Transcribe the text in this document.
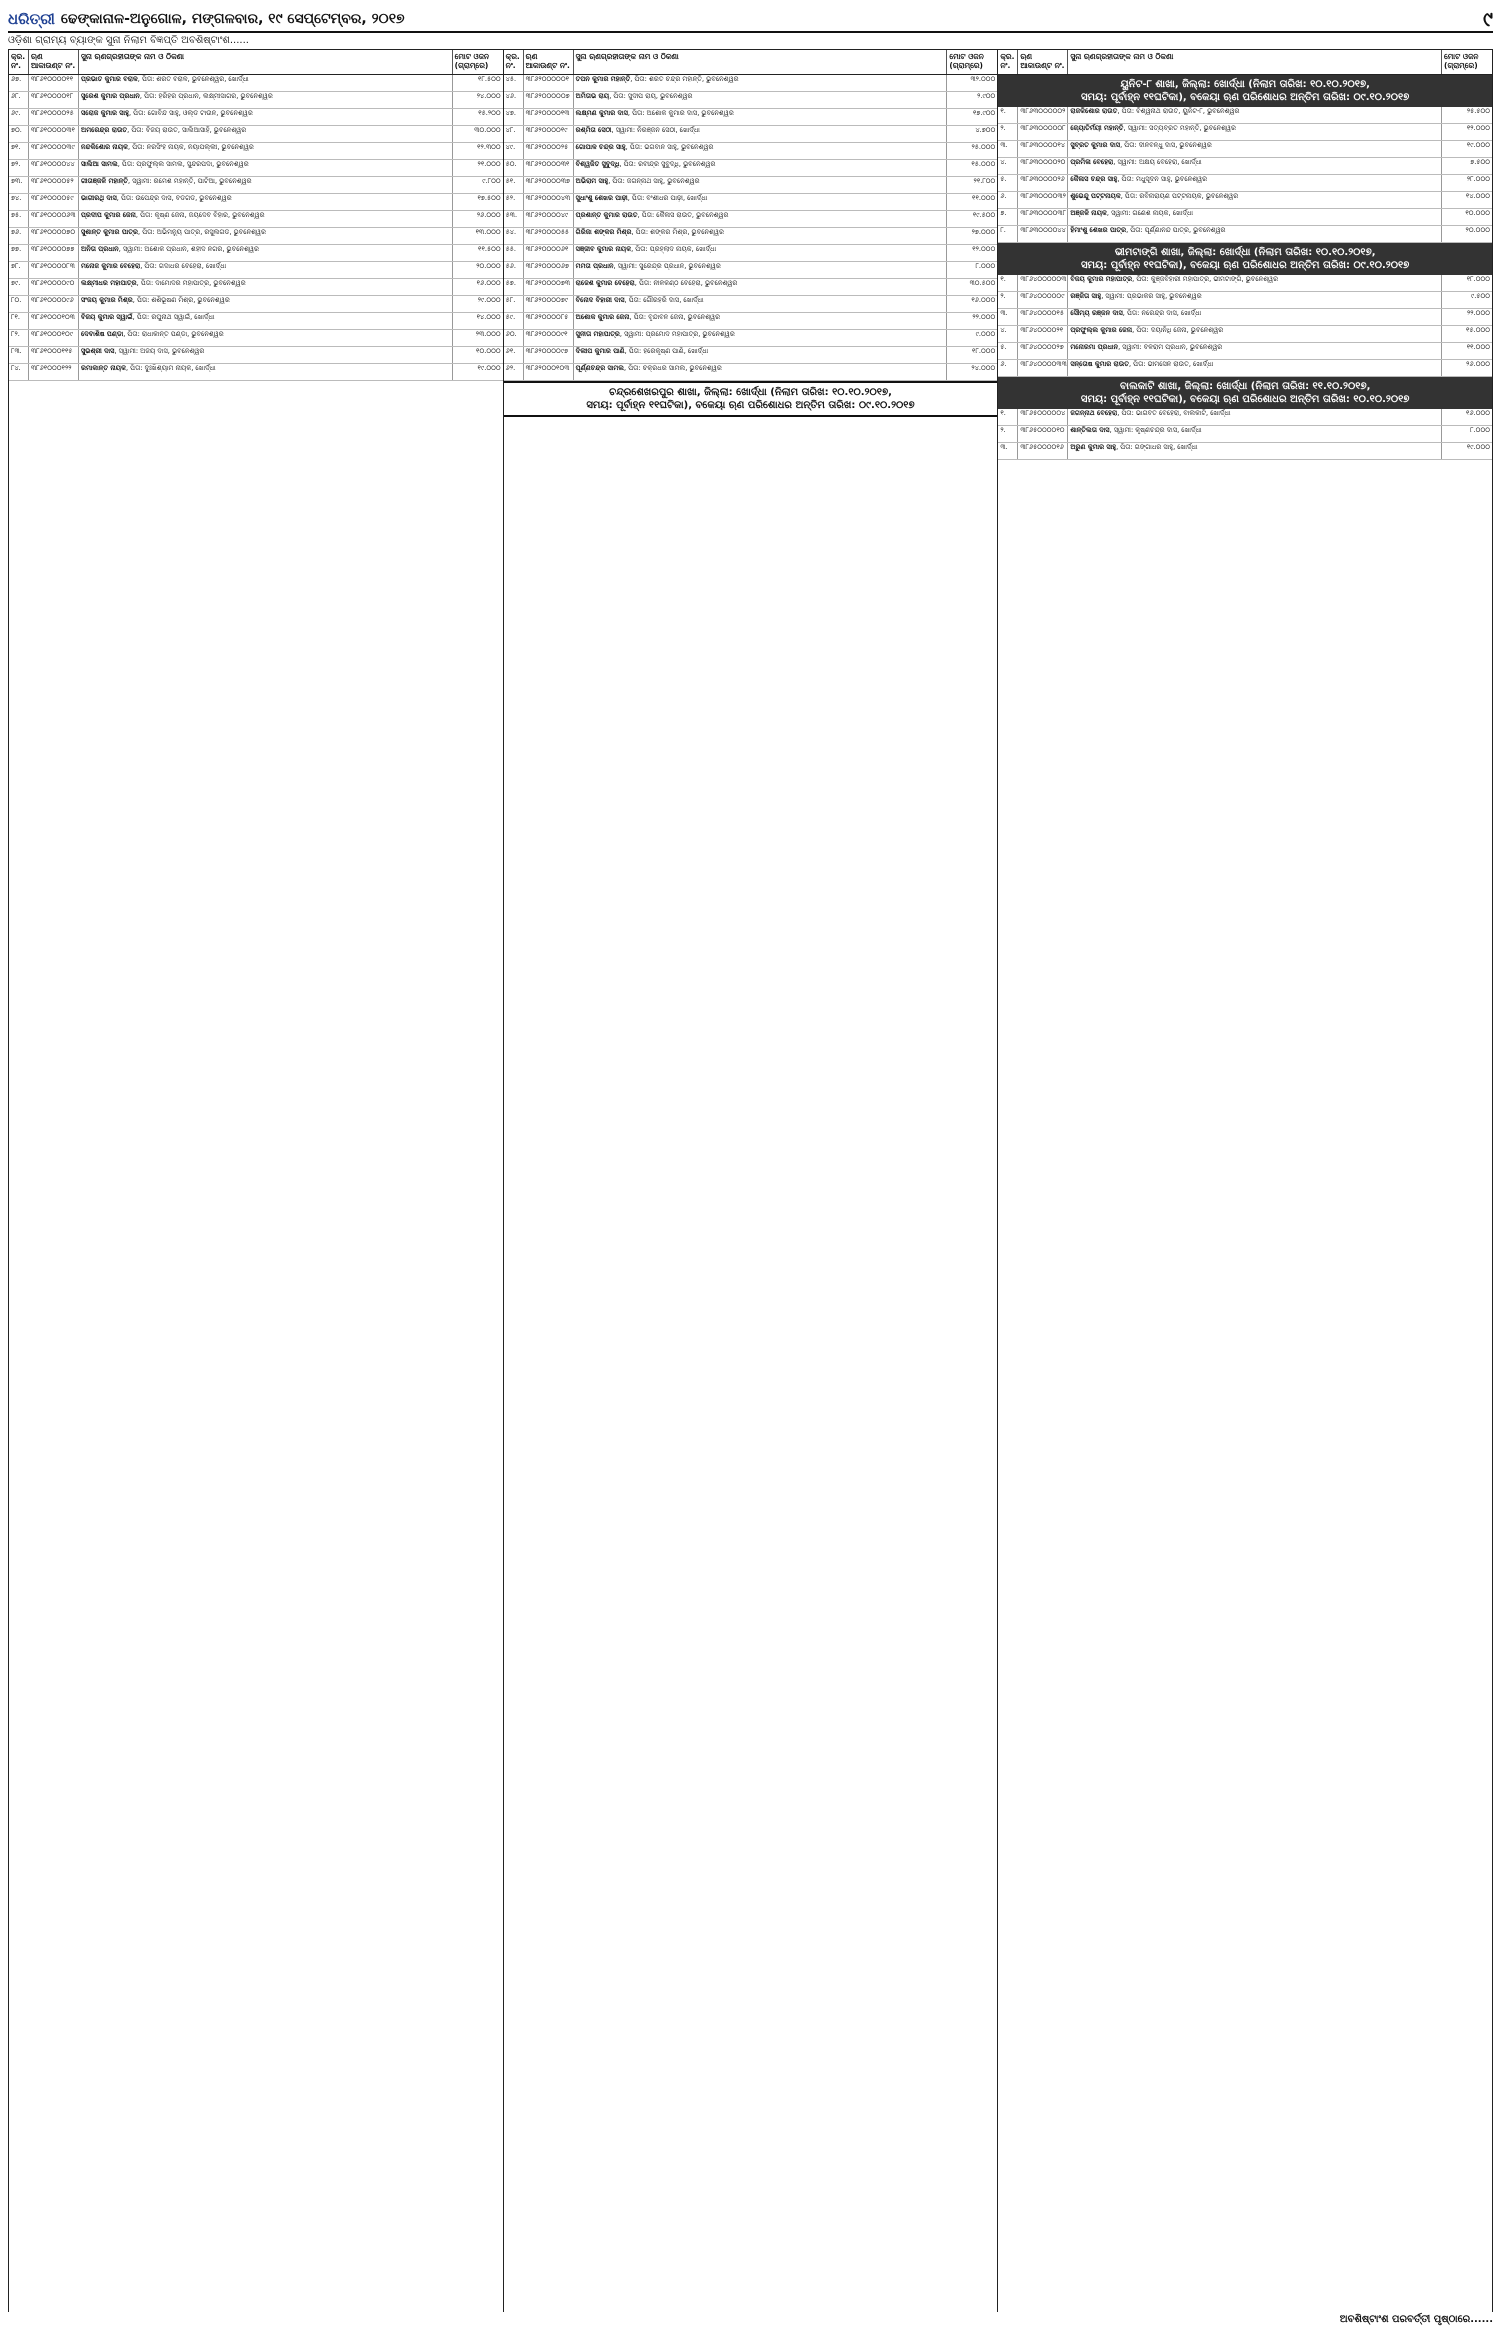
ଧରିତ୍ରୀ ଢେଙ୍କାନାଳ-ଅନୁଗୋଳ, ମଙ୍ଗଳବାର, ୧୯ ସେପ୍ଟେମ୍ବର, ୨୦୧୭	୯
ଓଡ଼ିଶା ଗ୍ରାମ୍ୟ ବ୍ୟାଙ୍କ ସୁନା ନିଲାମ ବିଜ୍ଞପ୍ତି ଅବଶିଷ୍ଟାଂଶ......
କ୍ର. ନଂ.
ଋଣ ଆକାଉଣ୍ଟ ନଂ.
ସୁନା ଋଣଗ୍ରହୀତାଙ୍କ ନାମ ଓ ଠିକଣା	ମୋଟ ଓଜନ (ଗ୍ରାମ୍‌ରେ)
୬୭.	୩୮୬୧୦୦୦୦୧୧	ପ୍ରଭାତ କୁମାର ବରାଳ, ପିତା: ଶରତ ବରାଳ, ଭୁବନେଶ୍ୱର, ଖୋର୍ଦ୍ଧା	୧୮.୫୦୦
୬୮.	୩୮୬୧୦୦୦୦୧୮	ସୁରେଶ କୁମାର ପ୍ରଧାନ, ପିତା: ହରିହର ପ୍ରଧାନ, ଲକ୍ଷ୍ମୀସାଗର, ଭୁବନେଶ୍ୱର	୨୪.୦୦୦
୬୯.	୩୮୬୧୦୦୦୦୨୫	ସରୋଜ କୁମାର ସାହୁ, ପିତା: ଗୋବିନ୍ଦ ସାହୁ, ଓଲ୍ଡ ଟାଉନ, ଭୁବନେଶ୍ୱର	୧୫.୨୦୦
୭୦.	୩୮୬୧୦୦୦୦୩୧ ଅମରେନ୍ଦ୍ର ରାଉତ, ପିତା: ବିଜୟ ରାଉତ, ସାଲିଆସାହି, ଭୁବନେଶ୍ୱର	୩୦.୦୦୦
୭୧.	୩୮୬୧୦୦୦୦୩୯ ନନ୍ଦକିଶୋର ନାୟକ, ପିତା: ନରସିଂହ ନାୟକ, ନୟାପଲ୍ଲୀ, ଭୁବନେଶ୍ୱର	୧୨.୩୦୦
୭୨.	୩୮୬୧୦୦୦୦୪୪ ସାଲିଆ ସାମଲ, ପିତା: ପ୍ରଫୁଲ୍ଲ ସାମଲ, ସୁନ୍ଦରପଦା, ଭୁବନେଶ୍ୱର	୨୧.୦୦୦
୭୩.	୩୮୬୧୦୦୦୦୫୨	ଗୀତାଞ୍ଜଳି ମହାନ୍ତି, ସ୍ୱାମୀ: ରମେଶ ମହାନ୍ତି, ପାଟିଆ, ଭୁବନେଶ୍ୱର	୯.୮୦୦
୭୪.	୩୮୬୧୦୦୦୦୫୯	ଭାଗୀରଥି ଦାସ, ପିତା: ଉପେନ୍ଦ୍ର ଦାସ, ବଡଗଡ, ଭୁବନେଶ୍ୱର	୧୭.୫୦୦
୭୫.	୩୮୬୧୦୦୦୦୬୩ ପ୍ରଦୀପ କୁମାର ଜେନା, ପିତା: କୃଷ୍ଣ ଜେନା, ଜୟଦେବ ବିହାର, ଭୁବନେଶ୍ୱର	୨୬.୦୦୦
୭୬.	୩୮୬୧୦୦୦୦୭୦ ସୁଶାନ୍ତ କୁମାର ପାତ୍ର, ପିତା: ଅଭିମନ୍ୟୁ ପାତ୍ର, ରସୁଲଗଡ, ଭୁବନେଶ୍ୱର	୧୩.୦୦୦
୭୭.	୩୮୬୧୦୦୦୦୭୭	ଅନିତା ପ୍ରଧାନ, ସ୍ୱାମୀ: ଅଶୋକ ପ୍ରଧାନ, ଶହୀଦ ନଗର, ଭୁବନେଶ୍ୱର	୧୧.୫୦୦
୭୮.	୩୮୬୧୦୦୦୦୮୩ ମନୋଜ କୁମାର ବେହେରା, ପିତା: ଗଦାଧର ବେହେରା, ଖୋର୍ଦ୍ଧା	୨୦.୦୦୦
୭୯.	୩୮୬୧୦୦୦୦୯୦	ଲକ୍ଷ୍ମୀଧର ମହାପାତ୍ର, ପିତା: ଦାମୋଦର ମହାପାତ୍ର, ଭୁବନେଶ୍ୱର	୧୬.୦୦୦
୮୦.	୩୮୬୧୦୦୦୦୯୬	ସଂଜୟ କୁମାର ମିଶ୍ର, ପିତା: ଶଶିଭୂଷଣ ମିଶ୍ର, ଭୁବନେଶ୍ୱର	୨୯.୦୦୦
୮୧.	୩୮୬୧୦୦୦୧୦୩ ବିଜୟ କୁମାର ସ୍ୱାଇଁ, ପିତା: ରଘୁନାଥ ସ୍ୱାଇଁ, ଖୋର୍ଦ୍ଧା	୧୪.୦୦୦
୮୨.	୩୮୬୧୦୦୦୧୦୯	ଦେବାଶିଷ ପଣ୍ଡା, ପିତା: ରାଧାକାନ୍ତ ପଣ୍ଡା, ଭୁବନେଶ୍ୱର	୨୩.୦୦୦
୮୩.	୩୮୬୧୦୦୦୧୧୫	ସୁଭଶ୍ରୀ ଦାସ, ସ୍ୱାମୀ: ଅଜୟ ଦାସ, ଭୁବନେଶ୍ୱର	୧୦.୦୦୦
୮୪.	୩୮୬୧୦୦୦୧୨୨	ରମାକାନ୍ତ ନାୟକ, ପିତା: ଦୁଃଖିଶ୍ୟାମ ନାୟକ, ଖୋର୍ଦ୍ଧା	୧୯.୦୦୦
କ୍ର. ନଂ.
ଋଣ ଆକାଉଣ୍ଟ ନଂ.
ସୁନା ଋଣଗ୍ରହୀତାଙ୍କ ନାମ ଓ ଠିକଣା	ମୋଟ ଓଜନ (ଗ୍ରାମ୍‌ରେ)
୪୫.	୩୮୬୨୦୦୦୦୦୧	ତପନ କୁମାର ମହାନ୍ତି, ପିତା: ଶରତ ଚନ୍ଦ୍ର ମହାନ୍ତି, ଭୁବନେଶ୍ୱର	୩୨.୦୦୦
୪୬.	୩୮୬୨୦୦୦୦୦୭ ଅମିତାଭ ରାୟ, ପିତା: ସୁଦୀପ ରାୟ, ଭୁବନେଶ୍ୱର	୨.୯୦୦
୪୭.	୩୮୬୨୦୦୦୦୧୩ ଲକ୍ଷ୍ମଣ କୁମାର ଦାସ, ପିତା: ଅଶୋକ କୁମାର ଦାସ, ଭୁବନେଶ୍ୱର	୧୭.୯୦୦
୪୮.	୩୮୬୨୦୦୦୦୧୯	ରଶ୍ମିତା ସେଠୀ, ସ୍ୱାମୀ: ନିରଞ୍ଜନ ସେଠୀ, ଖୋର୍ଦ୍ଧା	୪.୭୦୦
୪୯.	୩୮୬୨୦୦୦୦୨୫	ଗୋପାଳ ଚନ୍ଦ୍ର ସାହୁ, ପିତା: ଭଗବାନ ସାହୁ, ଭୁବନେଶ୍ୱର	୨୫.୦୦୦
୫୦.	୩୮୬୨୦୦୦୦୩୧ ବିଶ୍ୱଜିତ ସୁବୁଦ୍ଧି, ପିତା: ରବୀନ୍ଦ୍ର ସୁବୁଦ୍ଧି, ଭୁବନେଶ୍ୱର	୧୫.୦୦୦
୫୧.	୩୮୬୨୦୦୦୦୩୭ ଅଭିରାମ ସାହୁ, ପିତା: ଜଗନ୍ନାଥ ସାହୁ, ଭୁବନେଶ୍ୱର	୨୧.୮୦୦
୫୨.	୩୮୬୨୦୦୦୦୪୩ ସୁଧାଂଶୁ ଶେଖର ପାଢ଼ୀ, ପିତା: ବଂଶୀଧର ପାଢ଼ୀ, ଖୋର୍ଦ୍ଧା	୧୧.୦୦୦
୫୩.	୩୮୬୨୦୦୦୦୪୯	ପ୍ରଶାନ୍ତ କୁମାର ରାଉତ, ପିତା: କୈଳାସ ରାଉତ, ଭୁବନେଶ୍ୱର	୧୯.୫୦୦
୫୪.	୩୮୬୨୦୦୦୦୫୫	ଗିରିଜା ଶଙ୍କର ମିଶ୍ର, ପିତା: ଶଙ୍କର ମିଶ୍ର, ଭୁବନେଶ୍ୱର	୨୭.୦୦୦
୫୫.	୩୮୬୨୦୦୦୦୬୧	ସଞ୍ଜୀବ କୁମାର ନାୟକ, ପିତା: ପ୍ରହ୍ଲାଦ ନାୟକ, ଖୋର୍ଦ୍ଧା	୧୨.୦୦୦
୫୬.	୩୮୬୨୦୦୦୦୬୭	ମମତା ପ୍ରଧାନ, ସ୍ୱାମୀ: ସୁରେନ୍ଦ୍ର ପ୍ରଧାନ, ଭୁବନେଶ୍ୱର	୮.୦୦୦
୫୭.	୩୮୬୨୦୦୦୦୭୩ ରାଜେଶ କୁମାର ବେହେରା, ପିତା: ନୀଳକଣ୍ଠ ବେହେରା, ଭୁବନେଶ୍ୱର	୩୦.୫୦୦
୫୮.	୩୮୬୨୦୦୦୦୭୯	ବିନୋଦ ବିହାରୀ ଦାସ, ପିତା: ଗୌରହରି ଦାସ, ଖୋର୍ଦ୍ଧା	୧୬.୦୦୦
୫୯.	୩୮୬୨୦୦୦୦୮୫	ଅଶୋକ କୁମାର ଜେନା, ପିତା: ବୃନ୍ଦାବନ ଜେନା, ଭୁବନେଶ୍ୱର	୨୨.୦୦୦
୬୦.	୩୮୬୨୦୦୦୦୯୧	ସୁନୀତା ମହାପାତ୍ର, ସ୍ୱାମୀ: ପ୍ରମୋଦ ମହାପାତ୍ର, ଭୁବନେଶ୍ୱର	୯.୦୦୦
୬୧.	୩୮୬୨୦୦୦୦୯୭	ଦିଲୀପ କୁମାର ପାଣି, ପିତା: ହରେକୃଷ୍ଣ ପାଣି, ଖୋର୍ଦ୍ଧା	୧୮.୦୦୦
୬୨.	୩୮୬୨୦୦୦୧୦୩ ପୂର୍ଣ୍ଣଚନ୍ଦ୍ର ସାମଲ, ପିତା: ଚକ୍ରଧର ସାମଲ, ଭୁବନେଶ୍ୱର	୨୪.୦୦୦
ଚନ୍ଦ୍ରଶେଖରପୁର ଶାଖା, ଜିଲ୍ଲା: ଖୋର୍ଦ୍ଧା (ନିଲାମ ତାରିଖ: ୧୦.୧୦.୨୦୧୭,
ସମୟ: ପୂର୍ବାହ୍ନ ୧୧ଘଟିକା), ବକେୟା ଋଣ ପରିଶୋଧର ଅନ୍ତିମ ତାରିଖ: ୦୯.୧୦.୨୦୧୭
କ୍ର. ନଂ.
ଋଣ ଆକାଉଣ୍ଟ ନଂ.
ସୁନା ଋଣଗ୍ରହୀତାଙ୍କ ନାମ ଓ ଠିକଣା	ମୋଟ ଓଜନ (ଗ୍ରାମ୍‌ରେ)
ୟୁନିଟ-୮ ଶାଖା, ଜିଲ୍ଲା: ଖୋର୍ଦ୍ଧା (ନିଲାମ ତାରିଖ: ୧୦.୧୦.୨୦୧୭,
ସମୟ: ପୂର୍ବାହ୍ନ ୧୧ଘଟିକା), ବକେୟା ଋଣ ପରିଶୋଧର ଅନ୍ତିମ ତାରିଖ: ୦୯.୧୦.୨୦୧୭
୧.	୩୮୬୩୦୦୦୦୦୨ ରାଜକିଶୋର ରାଉତ, ପିତା: ବିଶ୍ୱନାଥ ରାଉତ, ୟୁନିଟ-୮, ଭୁବନେଶ୍ୱର	୨୫.୫୦୦
୨.	୩୮୬୩୦୦୦୦୦୮ ଜ୍ୟୋତିର୍ମୟୀ ମହାନ୍ତି, ସ୍ୱାମୀ: ସତ୍ୟବ୍ରତ ମହାନ୍ତି, ଭୁବନେଶ୍ୱର	୧୨.୦୦୦
୩.	୩୮୬୩୦୦୦୦୧୪ ସୁବ୍ରତ କୁମାର ଦାସ, ପିତା: ଦୀନବନ୍ଧୁ ଦାସ, ଭୁବନେଶ୍ୱର	୧୯.୦୦୦
୪.	୩୮୬୩୦୦୦୦୨୦ ପ୍ରମିଳା ବେହେରା, ସ୍ୱାମୀ: ଅକ୍ଷୟ ବେହେରା, ଖୋର୍ଦ୍ଧା	୭.୫୦୦
୫.	୩୮୬୩୦୦୦୦୨୬ କୈଳାସ ଚନ୍ଦ୍ର ସାହୁ, ପିତା: ମଧୁସୂଦନ ସାହୁ, ଭୁବନେଶ୍ୱର	୨୮.୦୦୦
୬.	୩୮୬୩୦୦୦୦୩୨ ଶୁଭେନ୍ଦୁ ପଟ୍ଟନାୟକ, ପିତା: ରବିନାରାୟଣ ପଟ୍ଟନାୟକ, ଭୁବନେଶ୍ୱର	୧୪.୦୦୦
୭.	୩୮୬୩୦୦୦୦୩୮ ଅଞ୍ଜଳି ନାୟକ, ସ୍ୱାମୀ: ଗଣେଶ ନାୟକ, ଖୋର୍ଦ୍ଧା	୧୦.୦୦୦
୮.	୩୮୬୩୦୦୦୦୪୪ ହିମାଂଶୁ ଶେଖର ପାତ୍ର, ପିତା: ପୂର୍ଣ୍ଣାନନ୍ଦ ପାତ୍ର, ଭୁବନେଶ୍ୱର	୨୦.୦୦୦
ଭୀମଟାଙ୍ଗି ଶାଖା, ଜିଲ୍ଲା: ଖୋର୍ଦ୍ଧା (ନିଲାମ ତାରିଖ: ୧୦.୧୦.୨୦୧୭,
ସମୟ: ପୂର୍ବାହ୍ନ ୧୧ଘଟିକା), ବକେୟା ଋଣ ପରିଶୋଧର ଅନ୍ତିମ ତାରିଖ: ୦୯.୧୦.୨୦୧୭
୧.	୩୮୬୪୦୦୦୦୦୩ ବିଜୟ କୁମାର ମହାପାତ୍ର, ପିତା: କୁଞ୍ଜବିହାରୀ ମହାପାତ୍ର, ଭୀମଟାଙ୍ଗି, ଭୁବନେଶ୍ୱର	୧୮.୦୦୦
୨.	୩୮୬୪୦୦୦୦୦୯ ରଞ୍ଜିତା ସାହୁ, ସ୍ୱାମୀ: ପ୍ରଭାକର ସାହୁ, ଭୁବନେଶ୍ୱର	୯.୫୦୦
୩.	୩୮୬୪୦୦୦୦୧୫ ସୌମ୍ୟ ରଞ୍ଜନ ଦାସ, ପିତା: ନରେନ୍ଦ୍ର ଦାସ, ଖୋର୍ଦ୍ଧା	୨୨.୦୦୦
୪.	୩୮୬୪୦୦୦୦୨୧	ପ୍ରଫୁଲ୍ଲ କୁମାର ଜେନା, ପିତା: ଦୟାନିଧି ଜେନା, ଭୁବନେଶ୍ୱର	୧୫.୦୦୦
୫.	୩୮୬୪୦୦୦୦୨୭ ମନୋରମା ପ୍ରଧାନ, ସ୍ୱାମୀ: ବଳରାମ ପ୍ରଧାନ, ଭୁବନେଶ୍ୱର	୧୧.୦୦୦
୬.	୩୮୬୪୦୦୦୦୩୩ ସନ୍ତୋଷ କୁମାର ରାଉତ, ପିତା: ଭୀମସେନ ରାଉତ, ଖୋର୍ଦ୍ଧା	୨୬.୦୦୦
ବାଲକାଟି ଶାଖା, ଜିଲ୍ଲା: ଖୋର୍ଦ୍ଧା (ନିଲାମ ତାରିଖ: ୧୧.୧୦.୨୦୧୭,
ସମୟ: ପୂର୍ବାହ୍ନ ୧୧ଘଟିକା), ବକେୟା ଋଣ ପରିଶୋଧର ଅନ୍ତିମ ତାରିଖ: ୧୦.୧୦.୨୦୧୭
୧.	୩୮୬୫୦୦୦୦୦୪ ଜଗନ୍ନାଥ ବେହେରା, ପିତା: ଭାଗବତ ବେହେରା, ବାଲକାଟି, ଖୋର୍ଦ୍ଧା	୧୬.୦୦୦
୨.	୩୮୬୫୦୦୦୦୧୦ ଶାନ୍ତିଲତା ଦାସ, ସ୍ୱାମୀ: କୃଷ୍ଣଚନ୍ଦ୍ର ଦାସ, ଖୋର୍ଦ୍ଧା	୮.୦୦୦
୩.	୩୮୬୫୦୦୦୦୧୬ ଅରୁଣ କୁମାର ସାହୁ, ପିତା: ଗଙ୍ଗାଧର ସାହୁ, ଖୋର୍ଦ୍ଧା	୧୯.୦୦୦
ଅବଶିଷ୍ଟାଂଶ ପରବର୍ତ୍ତୀ ପୃଷ୍ଠାରେ......
